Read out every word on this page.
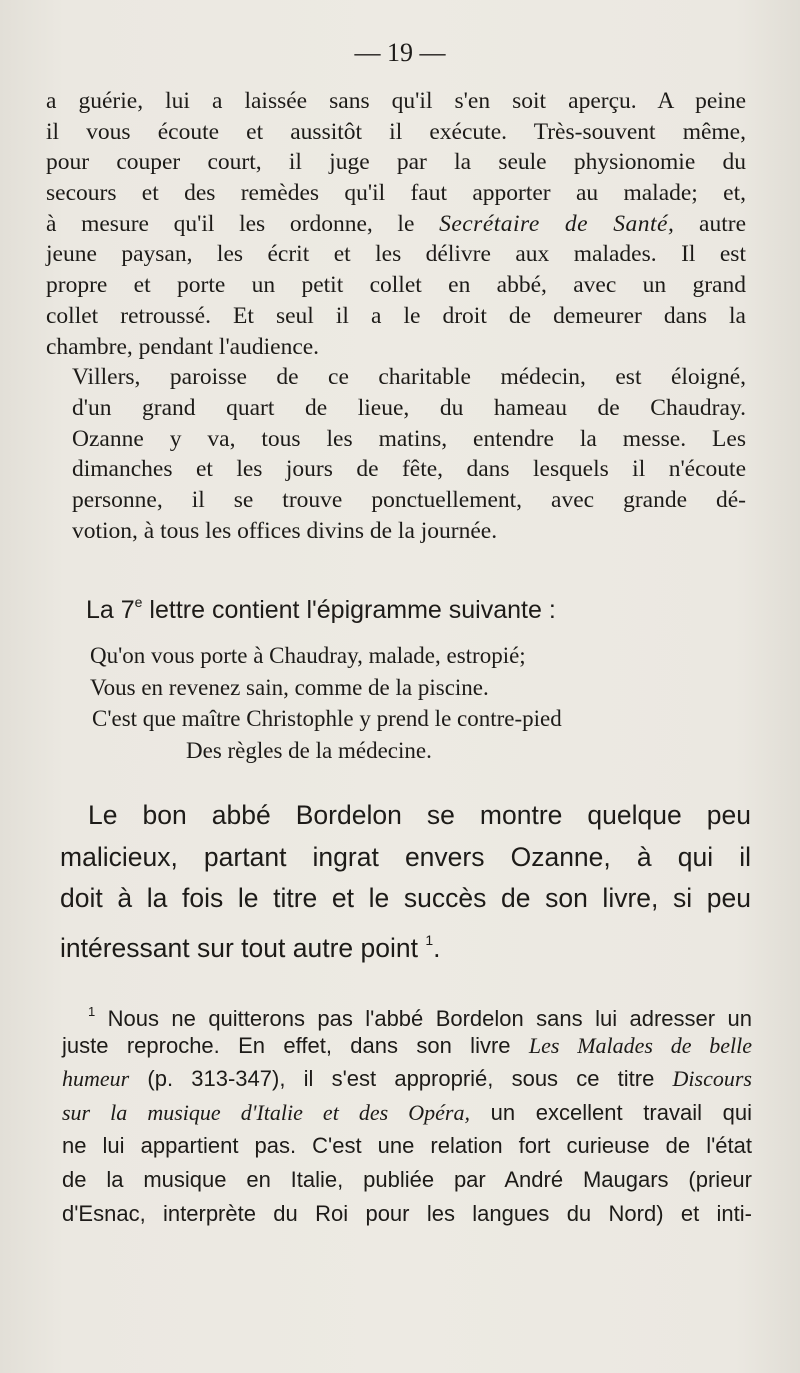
— 19 —
a guérie, lui a laissée sans qu'il s'en soit aperçu. A peine
il vous écoute et aussitôt il exécute. Très-souvent même,
pour couper court, il juge par la seule physionomie du
secours et des remèdes qu'il faut apporter au malade; et,
à mesure qu'il les ordonne, le Secrétaire de Santé, autre
jeune paysan, les écrit et les délivre aux malades. Il est
propre et porte un petit collet en abbé, avec un grand
collet retroussé. Et seul il a le droit de demeurer dans la
chambre, pendant l'audience.
Villers, paroisse de ce charitable médecin, est éloigné,
d'un grand quart de lieue, du hameau de Chaudray.
Ozanne y va, tous les matins, entendre la messe. Les
dimanches et les jours de fête, dans lesquels il n'écoute
personne, il se trouve ponctuellement, avec grande dé-
votion, à tous les offices divins de la journée.
La 7e lettre contient l'épigramme suivante :
Qu'on vous porte à Chaudray, malade, estropié;
Vous en revenez sain, comme de la piscine.
C'est que maître Christophle y prend le contre-pied
Des règles de la médecine.
Le bon abbé Bordelon se montre quelque peu
malicieux, partant ingrat envers Ozanne, à qui il
doit à la fois le titre et le succès de son livre, si peu
intéressant sur tout autre point $^1$.
$^1$ Nous ne quitterons pas l'abbé Bordelon sans lui adresser un
juste reproche. En effet, dans son livre Les Malades de belle
humeur (p. 313-347), il s'est approprié, sous ce titre Discours
sur la musique d'Italie et des Opéra, un excellent travail qui
ne lui appartient pas. C'est une relation fort curieuse de l'état
de la musique en Italie, publiée par André Maugars (prieur
d'Esnac, interprète du Roi pour les langues du Nord) et inti-
